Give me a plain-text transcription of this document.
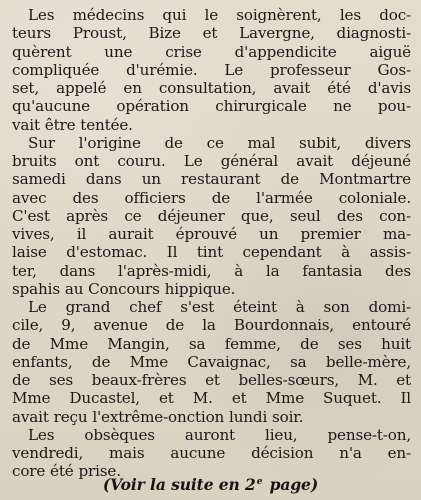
Les médecins qui le soignèrent, les doc-
teurs Proust, Bize et Lavergne, diagnosti-
quèrent une crise d'appendicite aiguë
compliquée d'urémie. Le professeur Gos-
set, appelé en consultation, avait été d'avis
qu'aucune opération chirurgicale ne pou-
vait être tentée.

Sur l'origine de ce mal subit, divers
bruits ont couru. Le général avait déjeuné
samedi dans un restaurant de Montmartre
avec des officiers de l'armée coloniale.
C'est après ce déjeuner que, seul des con-
vives, il aurait éprouvé un premier ma-
laise d'estomac. Il tint cependant à assis-
ter, dans l'après-midi, à la fantasia des
spahis au Concours hippique.

Le grand chef s'est éteint à son domi-
cile, 9, avenue de la Bourdonnais, entouré
de Mme Mangin, sa femme, de ses huit
enfants, de Mme Cavaignac, sa belle-mère,
de ses beaux-frères et belles-sœurs, M. et
Mme Ducastel, et M. et Mme Suquet. Il
avait reçu l'extrême-onction lundi soir.

Les obsèques auront lieu, pense-t-on,
vendredi, mais aucune décision n'a en-
core été prise.

(Voir la suite en 2e page)
